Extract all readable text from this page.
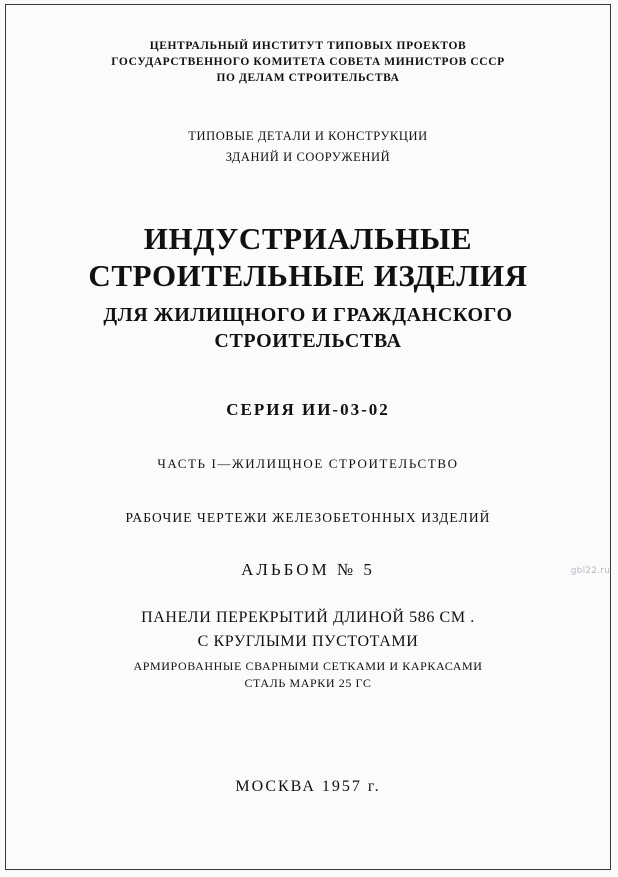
ЦЕНТРАЛЬНЫЙ ИНСТИТУТ ТИПОВЫХ ПРОЕКТОВ
ГОСУДАРСТВЕННОГО КОМИТЕТА СОВЕТА МИНИСТРОВ СССР
ПО ДЕЛАМ СТРОИТЕЛЬСТВА
ТИПОВЫЕ ДЕТАЛИ И КОНСТРУКЦИИ
ЗДАНИЙ И СООРУЖЕНИЙ
ИНДУСТРИАЛЬНЫЕ
СТРОИТЕЛЬНЫЕ ИЗДЕЛИЯ
ДЛЯ ЖИЛИЩНОГО И ГРАЖДАНСКОГО
СТРОИТЕЛЬСТВА
СЕРИЯ ИИ-03-02
ЧАСТЬ I—ЖИЛИЩНОЕ СТРОИТЕЛЬСТВО
РАБОЧИЕ ЧЕРТЕЖИ ЖЕЛЕЗОБЕТОННЫХ ИЗДЕЛИЙ
АЛЬБОМ № 5
ПАНЕЛИ ПЕРЕКРЫТИЙ ДЛИНОЙ 586 СМ .
С КРУГЛЫМИ ПУСТОТАМИ
АРМИРОВАННЫЕ СВАРНЫМИ СЕТКАМИ И КАРКАСАМИ
СТАЛЬ МАРКИ 25 ГС
МОСКВА 1957 г.
gbl22.ru
